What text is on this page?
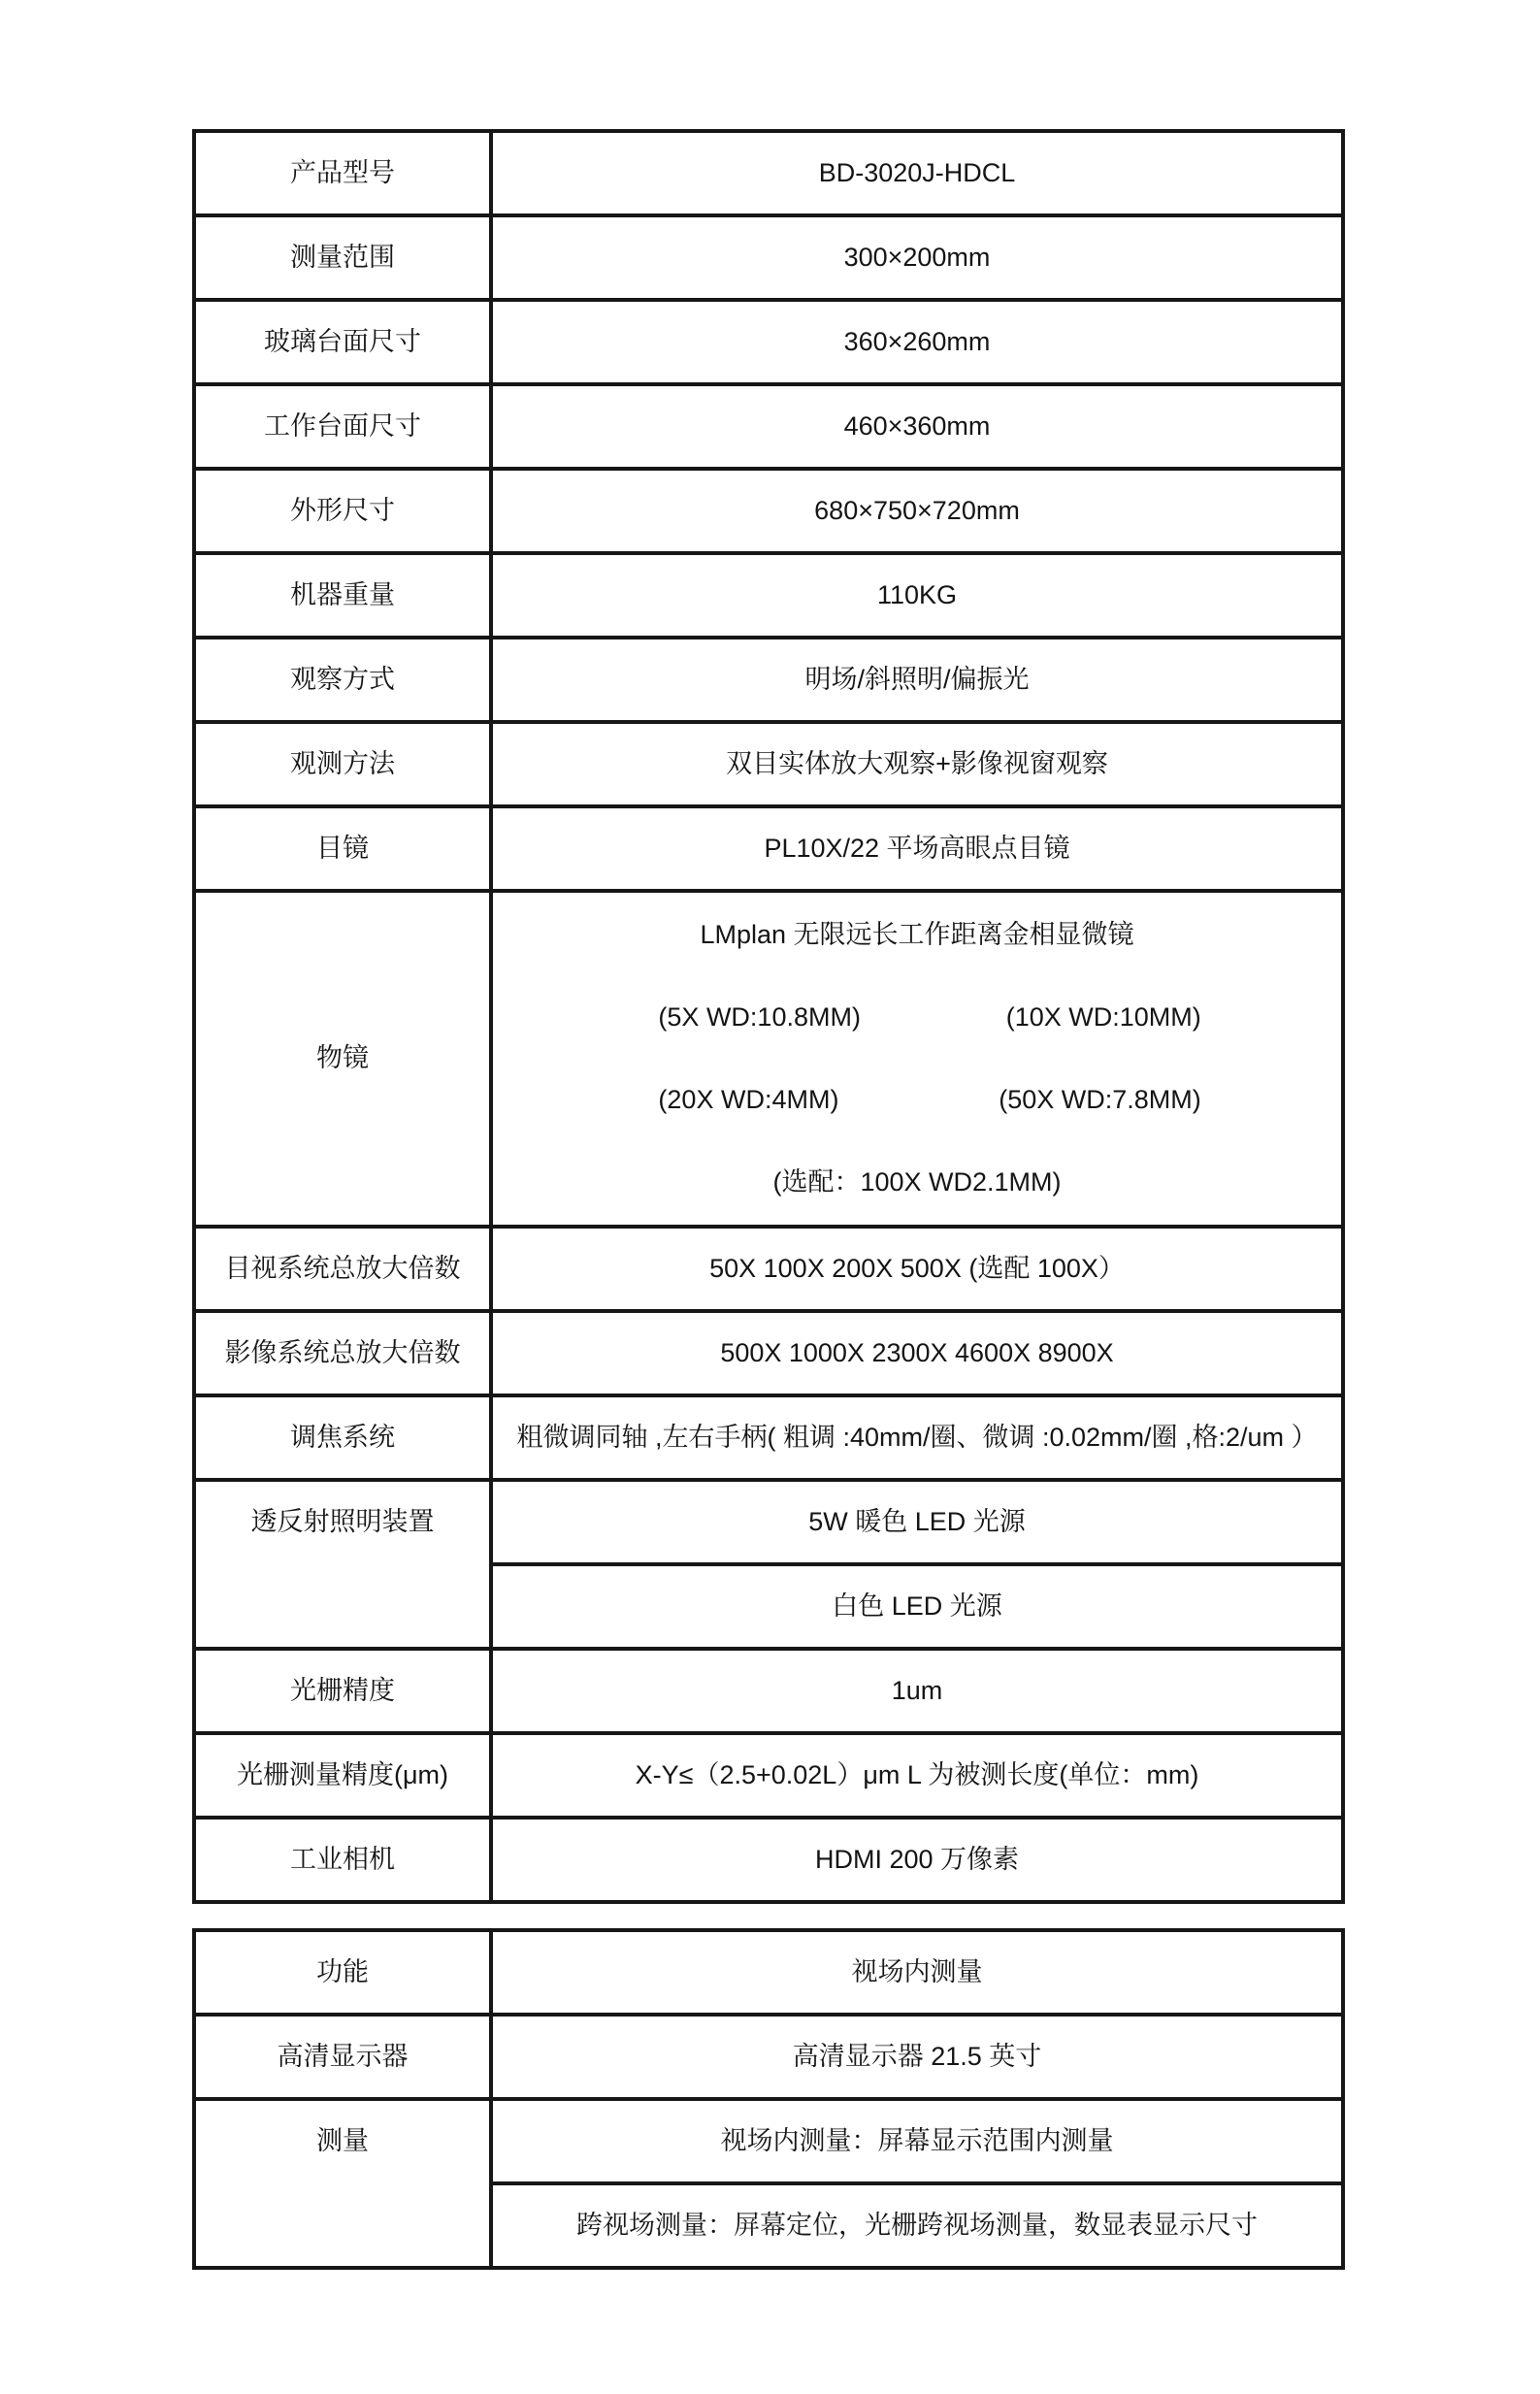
产品型号	BD-3020J-HDCL

测量范围	300×200mm

玻璃台面尺寸	360×260mm

工作台面尺寸	460×360mm

外形尺寸	680×750×720mm

机器重量	110KG

观察方式	明场/斜照明/偏振光

观测方法	双目实体放大观察+影像视窗观察

目镜	PL10X/22 平场高眼点目镜

物镜

LMplan 无限远长工作距离金相显微镜
(5X WD:10.8MM)	(10X WD:10MM)
(20X WD:4MM)	(50X WD:7.8MM)
(选配：100X WD2.1MM)

目视系统总放大倍数	50X 100X 200X 500X (选配 100X）

影像系统总放大倍数	500X 1000X 2300X 4600X 8900X

调焦系统	粗微调同轴 ,左右手柄( 粗调 :40mm/圈、微调 :0.02mm/圈 ,格:2/um ）

透反射照明装置	5W 暖色 LED 光源

白色 LED 光源

光栅精度	1um

光栅测量精度(μm)	X-Y≤（2.5+0.02L）μm L 为被测长度(单位：mm)

工业相机	HDMI 200 万像素
功能	视场内测量

高清显示器	高清显示器 21.5 英寸

测量	视场内测量：屏幕显示范围内测量

跨视场测量：屏幕定位，光栅跨视场测量，数显表显示尺寸
